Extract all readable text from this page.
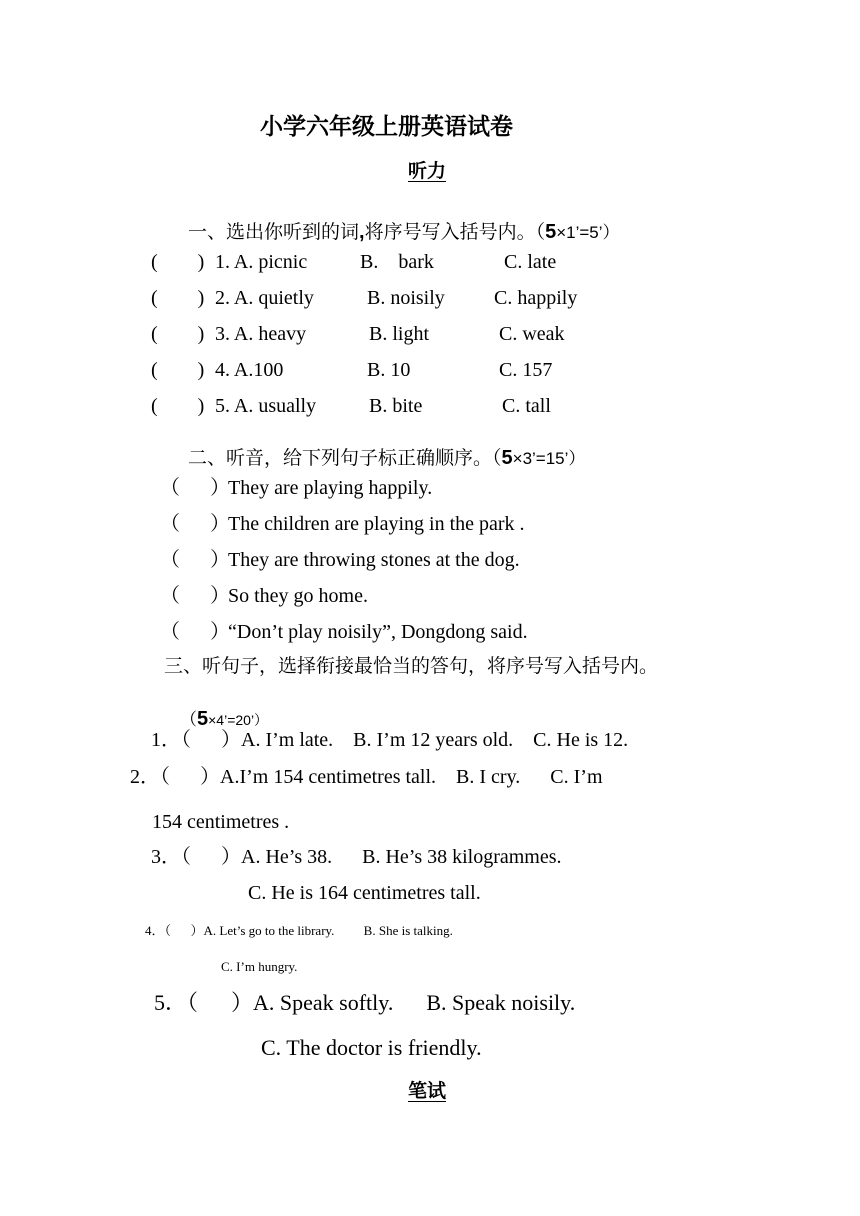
小学六年级上册英语试卷
听力

一、选出你听到的词,将序号写入括号内。（5×1’=5’）

(        ) 1. A. picnic	B.    bark	C. late
(        ) 2. A. quietly	B. noisily C. happily
(        ) 3. A. heavy	B. light	C. weak
(        ) 4. A.100	B. 10	C. 157
(        ) 5. A. usually	B. bite	C. tall

二、听音，给下列句子标正确顺序。（5×3’=15’）

（      ）
They are playing happily.
（      ）
The children are playing in the park .
（      ）
They are throwing stones at the dog.
（      ）
So they go home.
（      ）
“Don’t play noisily”, Dongdong said.
三、听句子，选择衔接最恰当的答句，将序号写入括号内。

（5×4’=20’）

1．（      ）A. I’m late.    B. I’m 12 years old.    C. He is 12.
2．（      ）A.I’m 154 centimetres tall.    B. I cry.      C. I’m
154 centimetres .
3．（      ）A. He’s 38.      B. He’s 38 kilogrammes.
C. He is 164 centimetres tall.
4．（      ）A. Let’s go to the library.         B. She is talking.
C. I’m hungry.
5．（      ）A. Speak softly.      B. Speak noisily.
C. The doctor is friendly.
笔试
